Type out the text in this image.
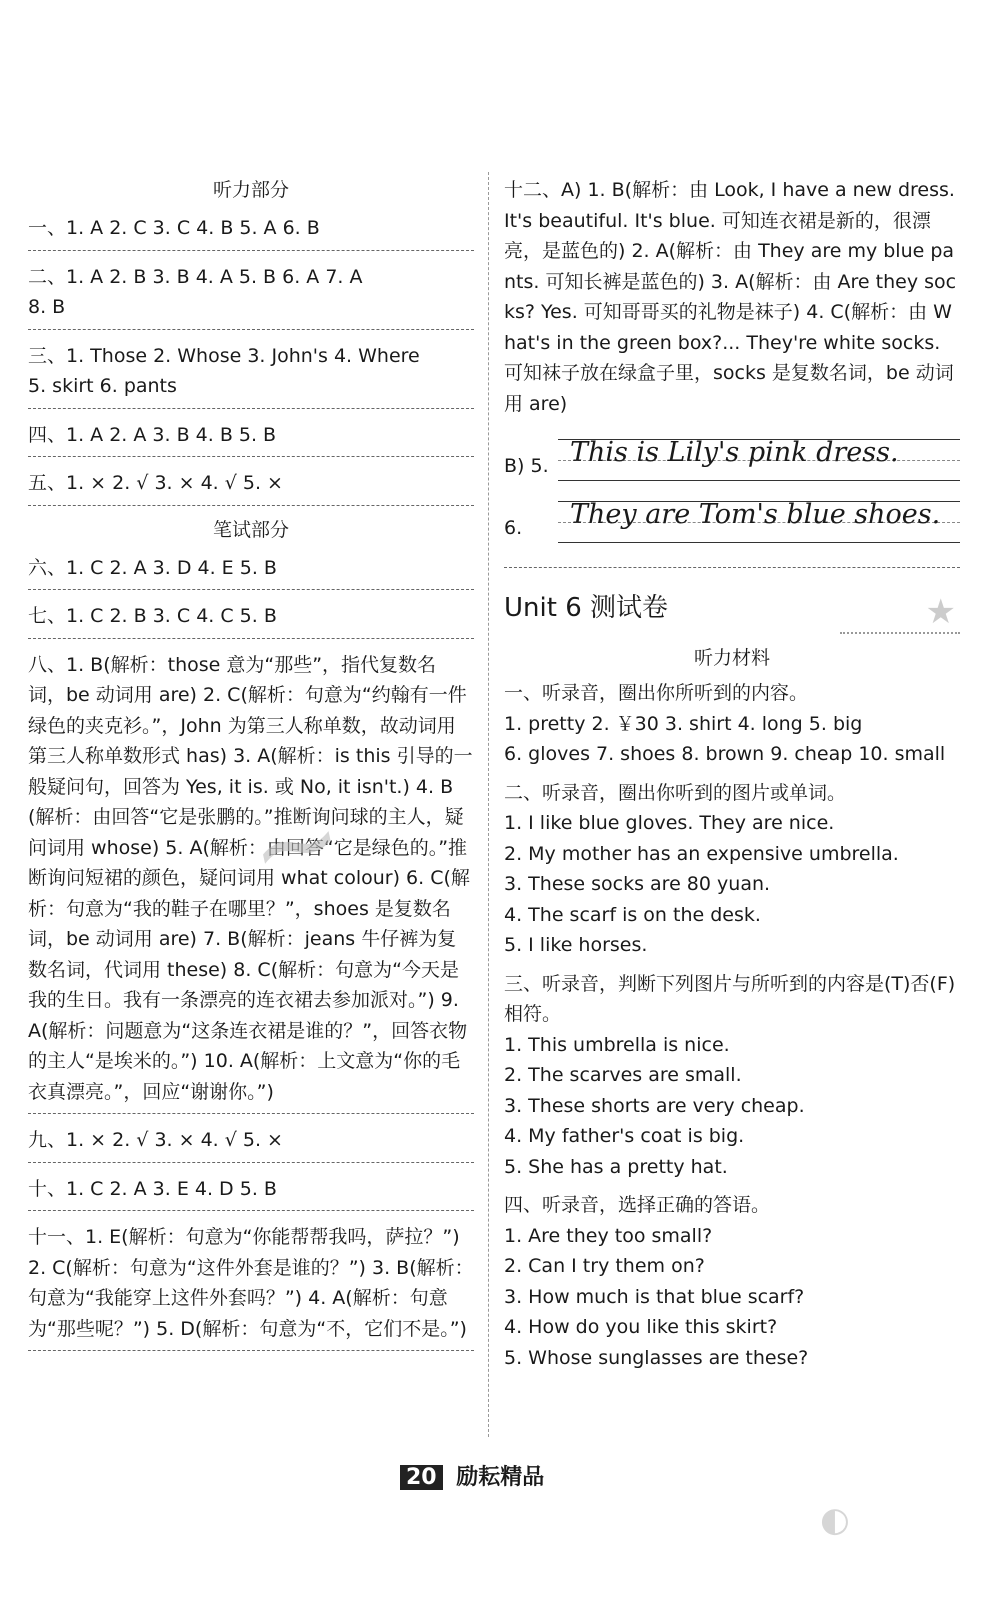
听力部分
一、1. A 2. C 3. C 4. B 5. A 6. B
二、1. A 2. B 3. B 4. A 5. B 6. A 7. A
8. B
三、1. Those 2. Whose 3. John's 4. Where
5. skirt 6. pants
四、1. A 2. A 3. B 4. B 5. B
五、1. × 2. √ 3. × 4. √ 5. ×
笔试部分
六、1. C 2. A 3. D 4. E 5. B
七、1. C 2. B 3. C 4. C 5. B
八、1. B(解析：those 意为“那些”，指代复数名词，be 动词用 are) 2. C(解析：句意为“约翰有一件绿色的夹克衫。”，John 为第三人称单数，故动词用第三人称单数形式 has) 3. A(解析：is this 引导的一般疑问句，回答为 Yes, it is. 或 No, it isn't.) 4. B(解析：由回答“它是张鹏的。”推断询问球的主人，疑问词用 whose) 5. A(解析：由回答“它是绿色的。”推断询问短裙的颜色，疑问词用 what colour) 6. C(解析：句意为“我的鞋子在哪里？”，shoes 是复数名词，be 动词用 are) 7. B(解析：jeans 牛仔裤为复数名词，代词用 these) 8. C(解析：句意为“今天是我的生日。我有一条漂亮的连衣裙去参加派对。”) 9. A(解析：问题意为“这条连衣裙是谁的？”，回答衣物的主人“是埃米的。”) 10. A(解析：上文意为“你的毛衣真漂亮。”，回应“谢谢你。”)
九、1. × 2. √ 3. × 4. √ 5. ×
十、1. C 2. A 3. E 4. D 5. B
十一、1. E(解析：句意为“你能帮帮我吗，萨拉？”) 2. C(解析：句意为“这件外套是谁的？”) 3. B(解析：句意为“我能穿上这件外套吗？”) 4. A(解析：句意为“那些呢？”) 5. D(解析：句意为“不，它们不是。”)
十二、A) 1. B(解析：由 Look, I have a new dress. It's beautiful. It's blue. 可知连衣裙是新的，很漂亮，是蓝色的) 2. A(解析：由 They are my blue pants. 可知长裤是蓝色的) 3. A(解析：由 Are they socks? Yes. 可知哥哥买的礼物是袜子) 4. C(解析：由 What's in the green box?... They're white socks. 可知袜子放在绿盒子里，socks 是复数名词，be 动词用 are)
B) 5. This is Lily's pink dress.
6. They are Tom's blue shoes.
Unit 6 测试卷	★
听力材料
一、听录音，圈出你所听到的内容。
1. pretty 2. ￥30 3. shirt 4. long 5. big
6. gloves 7. shoes 8. brown 9. cheap 10. small
二、听录音，圈出你听到的图片或单词。
1. I like blue gloves. They are nice.
2. My mother has an expensive umbrella.
3. These socks are 80 yuan.
4. The scarf is on the desk.
5. I like horses.
三、听录音，判断下列图片与所听到的内容是(T)否(F)相符。
1. This umbrella is nice.
2. The scarves are small.
3. These shorts are very cheap.
4. My father's coat is big.
5. She has a pretty hat.
四、听录音，选择正确的答语。
1. Are they too small?
2. Can I try them on?
3. How much is that blue scarf?
4. How do you like this skirt?
5. Whose sunglasses are these?
20 励耘精品
~
◐
